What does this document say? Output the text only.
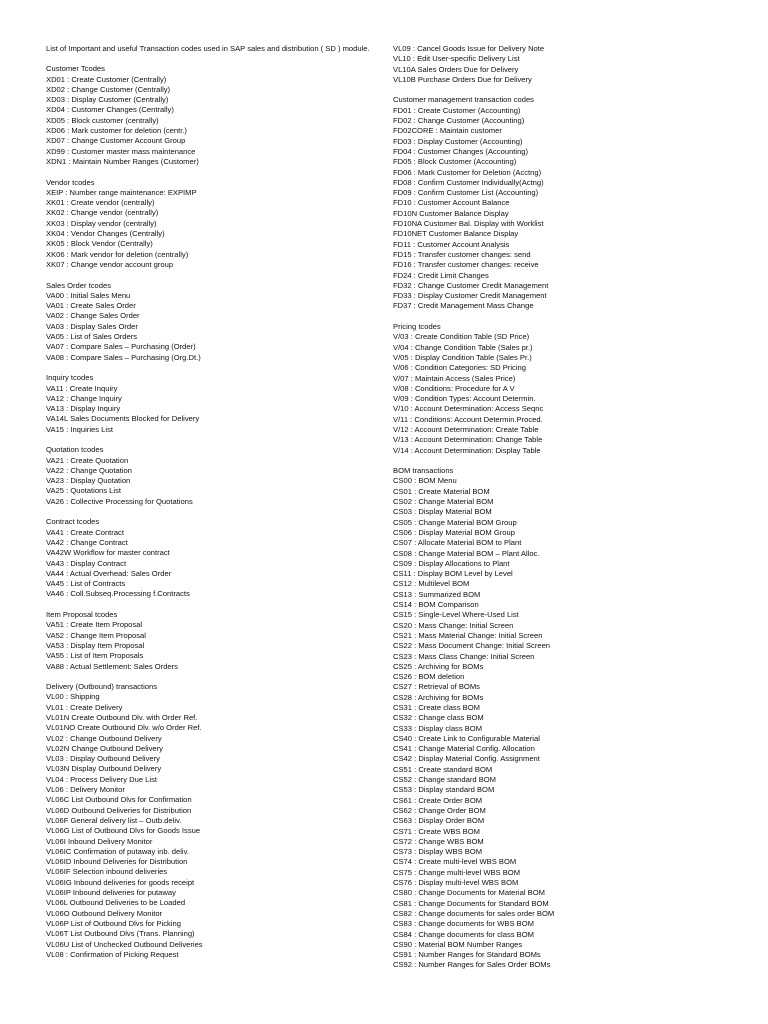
List of Important and useful Transaction codes used in SAP sales and distribution ( SD ) module.

Customer Tcodes

XD01 : Create Customer (Centrally)

XD02 : Change Customer (Centrally)

XD03 : Display Customer (Centrally)

XD04 : Customer Changes (Centrally)

XD05 : Block customer (centrally)

XD06 : Mark customer for deletion (centr.)

XD07 : Change Customer Account Group

XD99 : Customer master mass maintenance

XDN1 : Maintain Number Ranges (Customer)

Vendor tcodes

XEIP : Number range maintenance: EXPIMP

XK01 : Create vendor (centrally)

XK02 : Change vendor (centrally)

XK03 : Display vendor (centrally)

XK04 : Vendor Changes (Centrally)

XK05 : Block Vendor (Centrally)

XK06 : Mark vendor for deletion (centrally)

XK07 : Change vendor account group

Sales Order tcodes

VA00 : Initial Sales Menu

VA01 : Create Sales Order

VA02 : Change Sales Order

VA03 : Display Sales Order

VA05 : List of Sales Orders

VA07 : Compare Sales – Purchasing (Order)

VA08 : Compare Sales – Purchasing (Org.Dt.)

Inquiry tcodes

VA11 : Create Inquiry

VA12 : Change Inquiry

VA13 : Display Inquiry

VA14L Sales Documents Blocked for Delivery

VA15 : Inquiries List

Quotation tcodes

VA21 : Create Quotation

VA22 : Change Quotation

VA23 : Display Quotation

VA25 : Quotations List

VA26 : Collective Processing for Quotations

Contract tcodes

VA41 : Create Contract

VA42 : Change Contract

VA42W Workflow for master contract

VA43 : Display Contract

VA44 : Actual Overhead: Sales Order

VA45 : List of Contracts

VA46 : Coll.Subseq.Processing f.Contracts

Item Proposal tcodes

VA51 : Create Item Proposal

VA52 : Change Item Proposal

VA53 : Display Item Proposal

VA55 : List of Item Proposals

VA88 : Actual Settlement: Sales Orders

Delivery (Outbound) transactions

VL00 : Shipping

VL01 : Create Delivery

VL01N Create Outbound Dlv. with Order Ref.

VL01NO Create Outbound Dlv. w/o Order Ref.

VL02 : Change Outbound Delivery

VL02N Change Outbound Delivery

VL03 : Display Outbound Delivery

VL03N Display Outbound Delivery

VL04 : Process Delivery Due List

VL06 : Delivery Monitor

VL06C List Outbound Dlvs for Confirmation

VL06D Outbound Deliveries for Distribution

VL06F General delivery list – Outb.deliv.

VL06G List of Outbound Dlvs for Goods Issue

VL06I Inbound Delivery Monitor

VL06IC Confirmation of putaway inb. deliv.

VL06ID Inbound Deliveries for Distribution

VL06IF Selection inbound deliveries

VL06IG Inbound deliveries for goods receipt

VL06IP Inbound deliveries for putaway

VL06L Outbound Deliveries to be Loaded

VL06O Outbound Delivery Monitor

VL06P List of Outbound Dlvs for Picking

VL06T List Outbound Dlvs (Trans. Planning)

VL06U List of Unchecked Outbound Deliveries

VL08 : Confirmation of Picking Request

VL09 : Cancel Goods Issue for Delivery Note

VL10 : Edit User-specific Delivery List

VL10A Sales Orders Due for Delivery

VL10B Purchase Orders Due for Delivery

Customer management transaction codes

FD01 : Create Customer (Accounting)

FD02 : Change Customer (Accounting)

FD02CORE : Maintain customer

FD03 : Display Customer (Accounting)

FD04 : Customer Changes (Accounting)

FD05 : Block Customer (Accounting)

FD06 : Mark Customer for Deletion (Acctng)

FD08 : Confirm Customer Individually(Actng)

FD09 : Confirm Customer List (Accounting)

FD10 : Customer Account Balance

FD10N Customer Balance Display

FD10NA Customer Bal. Display with Worklist

FD10NET Customer Balance Display

FD11 : Customer Account Analysis

FD15 : Transfer customer changes: send

FD16 : Transfer customer changes: receive

FD24 : Credit Limit Changes

FD32 : Change Customer Credit Management

FD33 : Display Customer Credit Management

FD37 : Credit Management Mass Change

Pricing tcodes

V/03 : Create Condition Table (SD Price)

V/04 : Change Condition Table (Sales pr.)

V/05 : Display Condition Table (Sales Pr.)

V/06 : Condition Categories: SD Pricing

V/07 : Maintain Access (Sales Price)

V/08 : Conditions: Procedure for A V

V/09 : Condition Types: Account Determin.

V/10 : Account Determination: Access Seqnc

V/11 : Conditions: Account Determin.Proced.

V/12 : Account Determination: Create Table

V/13 : Account Determination: Change Table

V/14 : Account Determination: Display Table

BOM transactions

CS00 : BOM Menu

CS01 : Create Material BOM

CS02 : Change Material BOM

CS03 : Display Material BOM

CS05 : Change Material BOM Group

CS06 : Display Material BOM Group

CS07 : Allocate Material BOM to Plant

CS08 : Change Material BOM – Plant Alloc.

CS09 : Display Allocations to Plant

CS11 : Display BOM Level by Level

CS12 : Multilevel BOM

CS13 : Summarized BOM

CS14 : BOM Comparison

CS15 : Single-Level Where-Used List

CS20 : Mass Change: Initial Screen

CS21 : Mass Material Change: Initial Screen

CS22 : Mass Document Change: Initial Screen

CS23 : Mass Class Change: Initial Screen

CS25 : Archiving for BOMs

CS26 : BOM deletion

CS27 : Retrieval of BOMs

CS28 : Archiving for BOMs

CS31 : Create class BOM

CS32 : Change class BOM

CS33 : Display class BOM

CS40 : Create Link to Configurable Material

CS41 : Change Material Config. Allocation

CS42 : Display Material Config. Assignment

CS51 : Create standard BOM

CS52 : Change standard BOM

CS53 : Display standard BOM

CS61 : Create Order BOM

CS62 : Change Order BOM

CS63 : Display Order BOM

CS71 : Create WBS BOM

CS72 : Change WBS BOM

CS73 : Display WBS BOM

CS74 : Create multi-level WBS BOM

CS75 : Change multi-level WBS BOM

CS76 : Display multi-level WBS BOM

CS80 : Change Documents for Material BOM

CS81 : Change Documents for Standard BOM

CS82 : Change documents for sales order BOM

CS83 : Change documents for WBS BOM

CS84 : Change documents for class BOM

CS90 : Material BOM Number Ranges

CS91 : Number Ranges for Standard BOMs

CS92 : Number Ranges for Sales Order BOMs
